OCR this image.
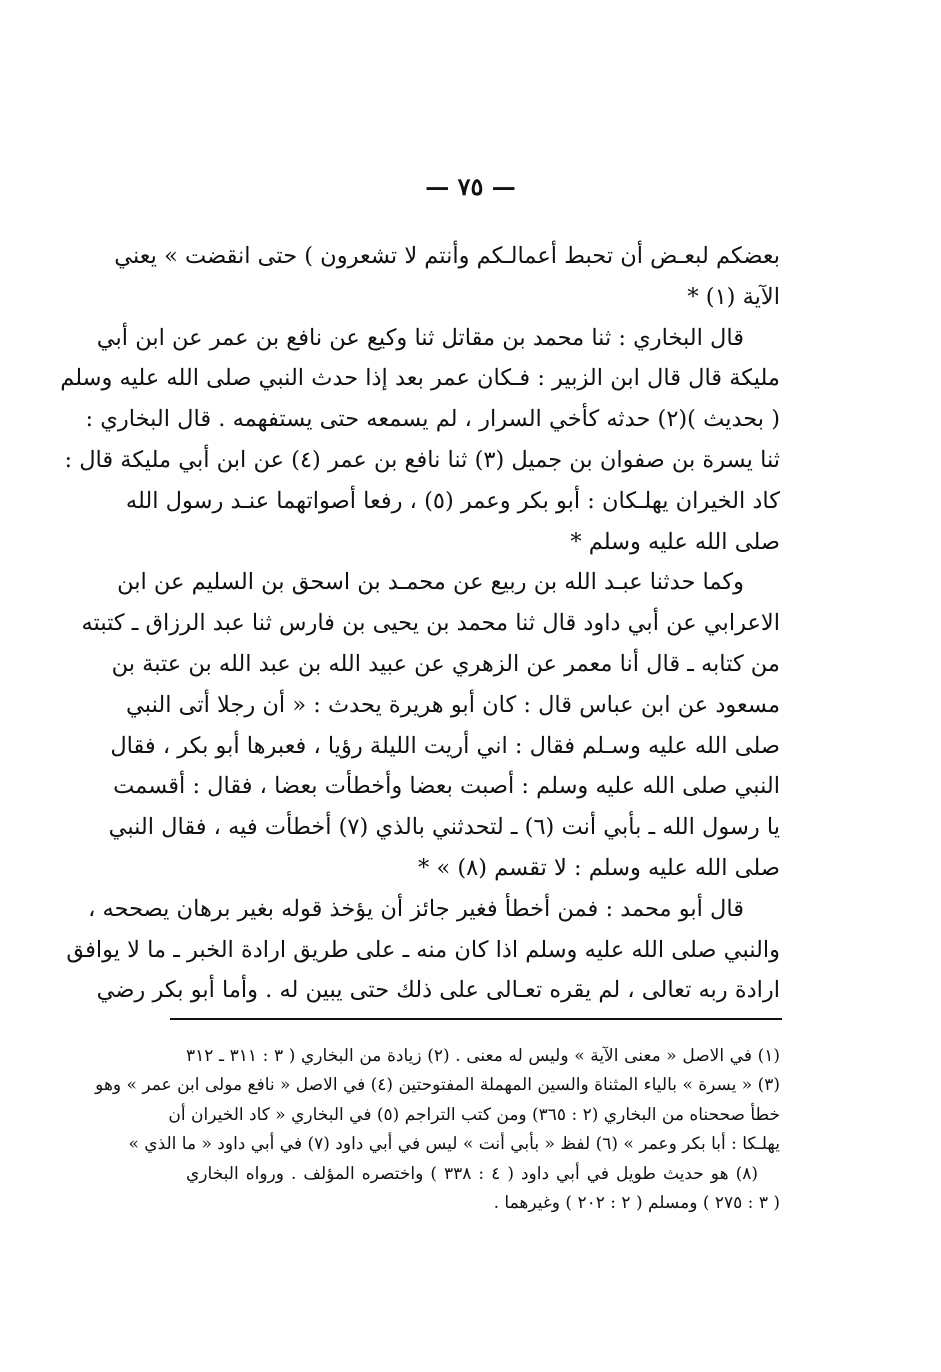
— ٧٥ —

بعضكم لبعـض أن تحبط أعمالـكم وأنتم لا تشعرون ) حتى انقضت » يعني
الآية (١) *

قال البخاري : ثنا محمد بن مقاتل ثنا وكيع عن نافع بن عمر عن ابن أبي
مليكة قال قال ابن الزبير : فـكان عمر بعد إذا حدث النبي صلى الله عليه وسلم
( بحديث )(٢) حدثه كأخي السرار ، لم يسمعه حتى يستفهمه . قال البخاري :
ثنا يسرة بن صفوان بن جميل (٣) ثنا نافع بن عمر (٤) عن ابن أبي مليكة قال :
كاد الخيران يهلـكان : أبو بكر وعمر (٥) ، رفعا أصواتهما عنـد رسول الله
صلى الله عليه وسلم *

وكما حدثنا عبـد الله بن ربيع عن محمـد بن اسحق بن السليم عن ابن
الاعرابي عن أبي داود قال ثنا محمد بن يحيى بن فارس ثنا عبد الرزاق ـ كتبته
من كتابه ـ قال أنا معمر عن الزهري عن عبيد الله بن عبد الله بن عتبة بن
مسعود عن ابن عباس قال : كان أبو هريرة يحدث : « أن رجلا أتى النبي
صلى الله عليه وسـلم فقال : اني أريت الليلة رؤيا ، فعبرها أبو بكر ، فقال
النبي صلى الله عليه وسلم : أصبت بعضا وأخطأت بعضا ، فقال : أقسمت
يا رسول الله ـ بأبي أنت (٦) ـ لتحدثني بالذي (٧) أخطأت فيه ، فقال النبي
صلى الله عليه وسلم : لا تقسم (٨) » *

قال أبو محمد : فمن أخطأ فغير جائز أن يؤخذ قوله بغير برهان يصححه ،
والنبي صلى الله عليه وسلم اذا كان منه ـ على طريق ارادة الخبر ـ ما لا يوافق
ارادة ربه تعالى ، لم يقره تعـالى على ذلك حتى يبين له . وأما أبو بكر رضي

(١) في الاصل « معنى الآية » وليس له معنى . (٢) زيادة من البخاري ( ٣ : ٣١١ ـ ٣١٢
(٣) « يسرة » بالياء المثناة والسين المهملة المفتوحتين (٤) في الاصل « نافع مولى ابن عمر » وهو
خطأ صححناه من البخاري (٢ : ٣٦٥) ومن كتب التراجم (٥) في البخاري « كاد الخيران أن
يهلـكا : أبا بكر وعمر » (٦) لفظ « بأبي أنت » ليس في أبي داود (٧) في أبي داود « ما الذي »
(٨) هو حديث طويل في أبي داود ( ٤ : ٣٣٨ ) واختصره المؤلف . ورواه البخاري
( ٣ : ٢٧٥ ) ومسلم ( ٢ : ٢٠٢ ) وغيرهما .
